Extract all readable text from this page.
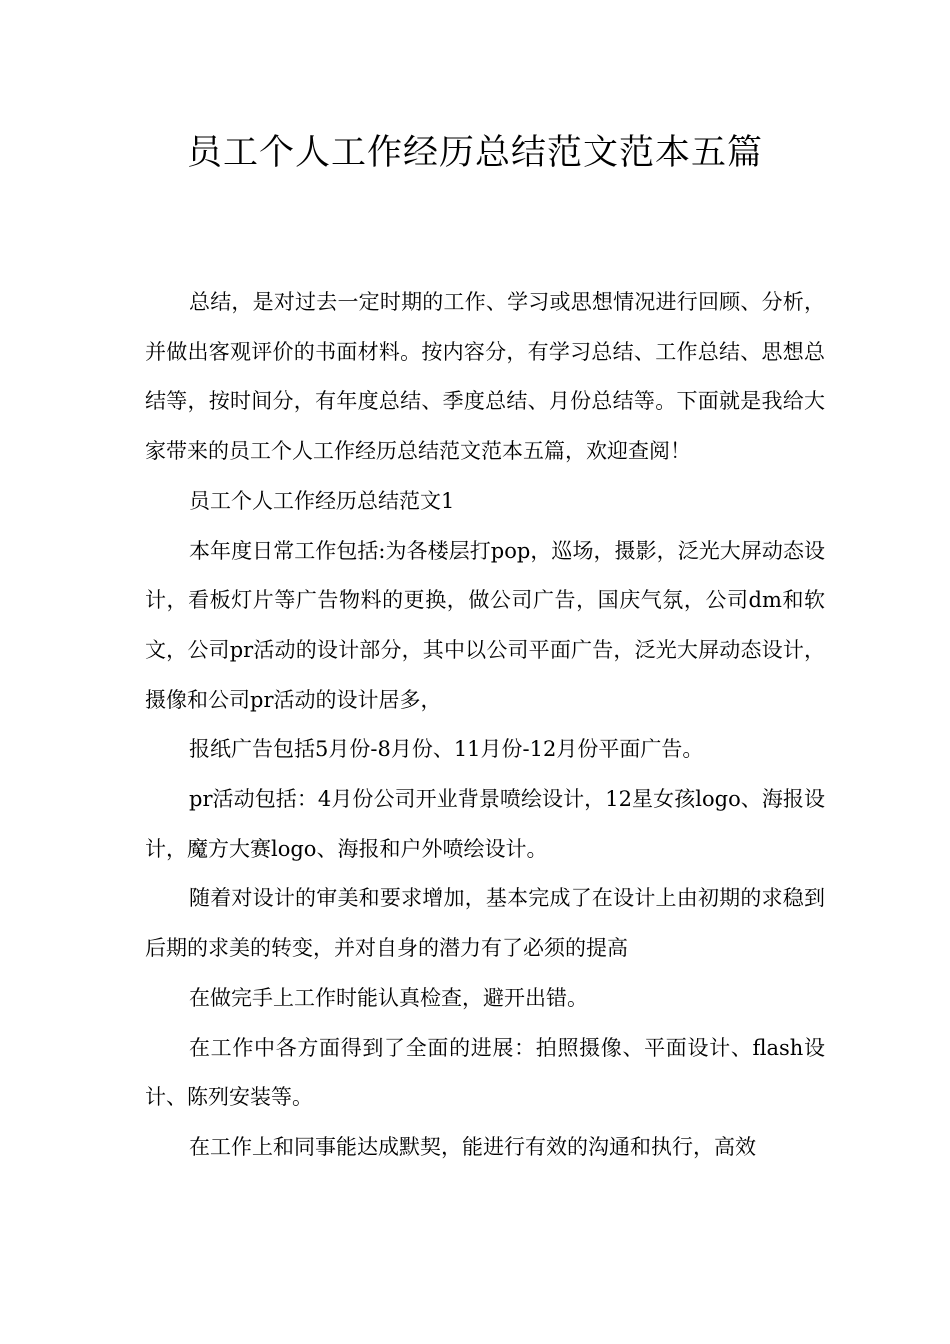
员工个人工作经历总结范文范本五篇

总结，是对过去一定时期的工作、学习或思想情况进行回顾、分析，并做出客观评价的书面材料。按内容分，有学习总结、工作总结、思想总结等，按时间分，有年度总结、季度总结、月份总结等。下面就是我给大家带来的员工个人工作经历总结范文范本五篇，欢迎查阅！

员工个人工作经历总结范文1

本年度日常工作包括:为各楼层打pop，巡场，摄影，泛光大屏动态设计，看板灯片等广告物料的更换，做公司广告，国庆气氛，公司dm和软文，公司pr活动的设计部分，其中以公司平面广告，泛光大屏动态设计，摄像和公司pr活动的设计居多，

报纸广告包括5月份-8月份、11月份-12月份平面广告。

pr活动包括：4月份公司开业背景喷绘设计，12星女孩logo、海报设计，魔方大赛logo、海报和户外喷绘设计。

随着对设计的审美和要求增加，基本完成了在设计上由初期的求稳到后期的求美的转变，并对自身的潜力有了必须的提高

在做完手上工作时能认真检查，避开出错。

在工作中各方面得到了全面的进展：拍照摄像、平面设计、flash设计、陈列安装等。

在工作上和同事能达成默契，能进行有效的沟通和执行，高效
